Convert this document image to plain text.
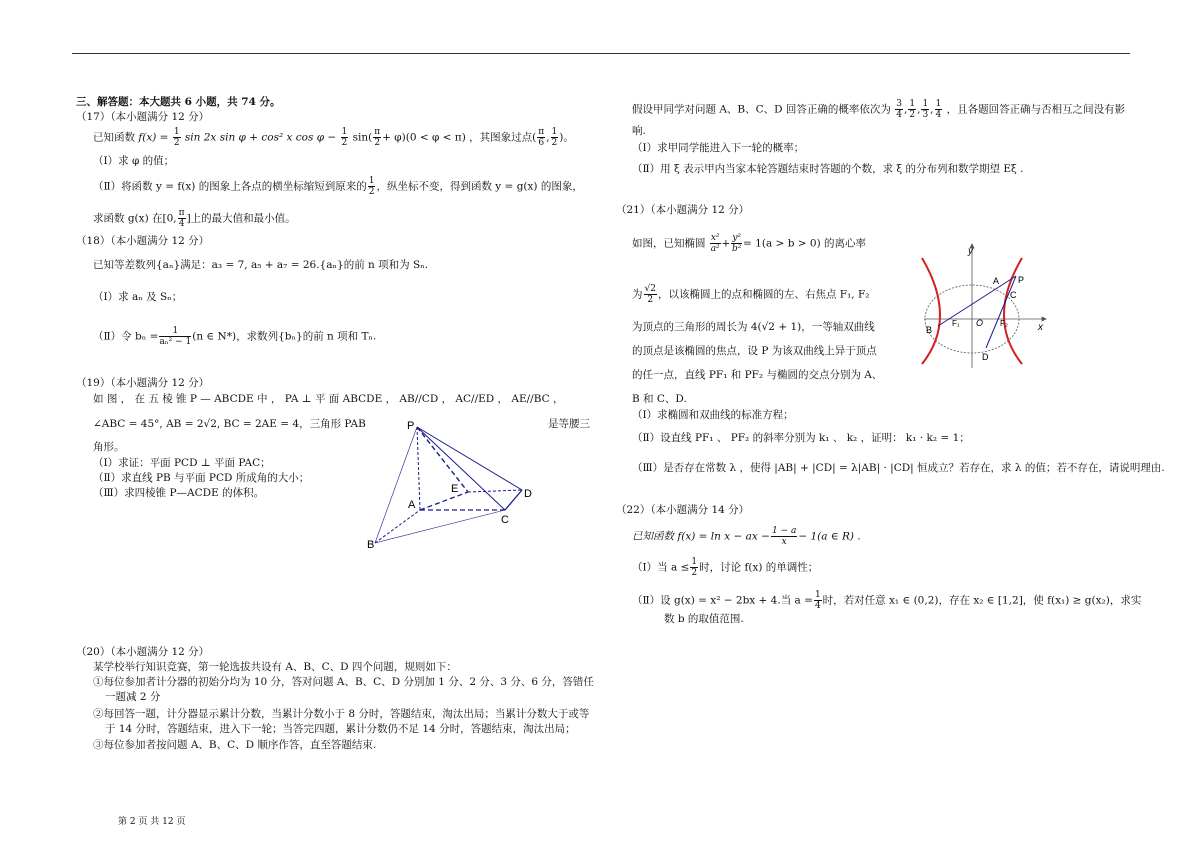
三、解答题：本大题共 6 小题，共 74 分。
（17）（本小题满分 12 分）
已知函数 $f(x) = \frac{1}{2}$ sin 2x sin φ + cos² x $\cos \varphi - \frac{1}{2} \sin( \frac{\pi}{2} + \varphi)(0 < \varphi < \pi)$ ，其图象过点( $\frac{\pi}{6}$ , $\frac{1}{2}$ )。
（Ⅰ）求 φ 的值；
（Ⅱ）将函数 y = f(x) 的图象上各点的横坐标缩短到原来的 $\frac{1}{2}$ ，纵坐标不变，得到函数 y = g(x) 的图象，
求函数 g(x) 在[0, $\frac{\pi}{4}$ ]上的最大值和最小值。
（18）（本小题满分 12 分）
已知等差数列{aₙ}满足：a₃ = 7, a₅ + a₇ = 26.{aₙ}的前 n 项和为 Sₙ.
（Ⅰ）求 aₙ 及 Sₙ；
（Ⅱ）令 $b_n = \frac{1}{\text{aₙ² − 1}} (n$ ∈ N*)，求数列{bₙ}的前 n 项和 Tₙ.
（19）（本小题满分 12 分）
如 图 ， 在 五 棱 锥 P — ABCDE 中 ， PA ⊥ 平 面 ABCDE ， AB//CD ， AC//ED ， AE//BC ，
∠ABC = 45°, AB = 2√2, BC = 2AE = 4，三角形 PAB	是等腰三
角形。
（Ⅰ）求证：平面 PCD ⊥ 平面 PAC；
（Ⅱ）求直线 PB 与平面 PCD 所成角的大小；
（Ⅲ）求四棱锥 P—ACDE 的体积。
P
A
B
C
D
E
（20）（本小题满分 12 分）
某学校举行知识竞赛，第一轮选拔共设有 A、B、C、D 四个问题，规则如下：
①每位参加者计分器的初始分均为 10 分，答对问题 A、B、C、D 分别加 1 分、2 分、3 分、6 分，答错任
一题减 2 分
②每回答一题，计分器显示累计分数，当累计分数小于 8 分时，答题结束，淘汰出局；当累计分数大于或等
于 14 分时，答题结束，进入下一轮；当答完四题，累计分数仍不足 14 分时，答题结束，淘汰出局；
③每位参加者按问题 A、B、C、D 顺序作答，直至答题结束.
假设甲同学对问题 A、B、C、D 回答正确的概率依次为 $\frac{3}{4}$ , $\frac{1}{2}$ , $\frac{1}{3}$ , $\frac{1}{4}$ ，且各题回答正确与否相互之间没有影
响.
（Ⅰ）求甲同学能进入下一轮的概率；
（Ⅱ）用 ξ 表示甲内当家本轮答题结束时答题的个数，求 ξ 的分布列和数学期望 Eξ .
（21）（本小题满分 12 分）
如图，已知椭圆 $\frac{\text{x²}}{\text{a²}} + \frac{\text{y²}}{\text{b²}} = 1(a > b > 0)$ 的离心率
为 $\frac{√2}{2}$ ，以该椭圆上的点和椭圆的左、右焦点 F₁, F₂
为顶点的三角形的周长为 4(√2 + 1)，一等轴双曲线
的顶点是该椭圆的焦点，设 P 为该双曲线上异于顶点
的任一点，直线 PF₁ 和 PF₂ 与椭圆的交点分别为 A、
B 和 C、D.
（Ⅰ）求椭圆和双曲线的标准方程；
（Ⅱ）设直线 PF₁ 、 PF₂ 的斜率分别为 k₁ 、 k₂ ，证明： k₁ · k₂ = 1；
（Ⅲ）是否存在常数 λ ，使得 |AB| + |CD| = λ|AB| · |CD| 恒成立？若存在，求 λ 的值；若不存在，请说明理由.
y
x
O
A P
C
B
D
F₁	F₂
（22）（本小题满分 14 分）
已知函数 f(x) = ln x − ax − $\frac{1 - a}{x} - 1(a$ ∈ R) .
（Ⅰ）当 $a \le \frac{1}{2}$ 时，讨论 f(x) 的单调性；
（Ⅱ）设 g(x) = x² − 2bx + 4.当 $a = \frac{1}{4}$ 时，若对任意 x₁ ∈ (0,2)，存在 x₂ ∈ [1,2]，使 f(x₁) ≥ g(x₂)，求实
数 b 的取值范围.
第 2 页 共 12 页
